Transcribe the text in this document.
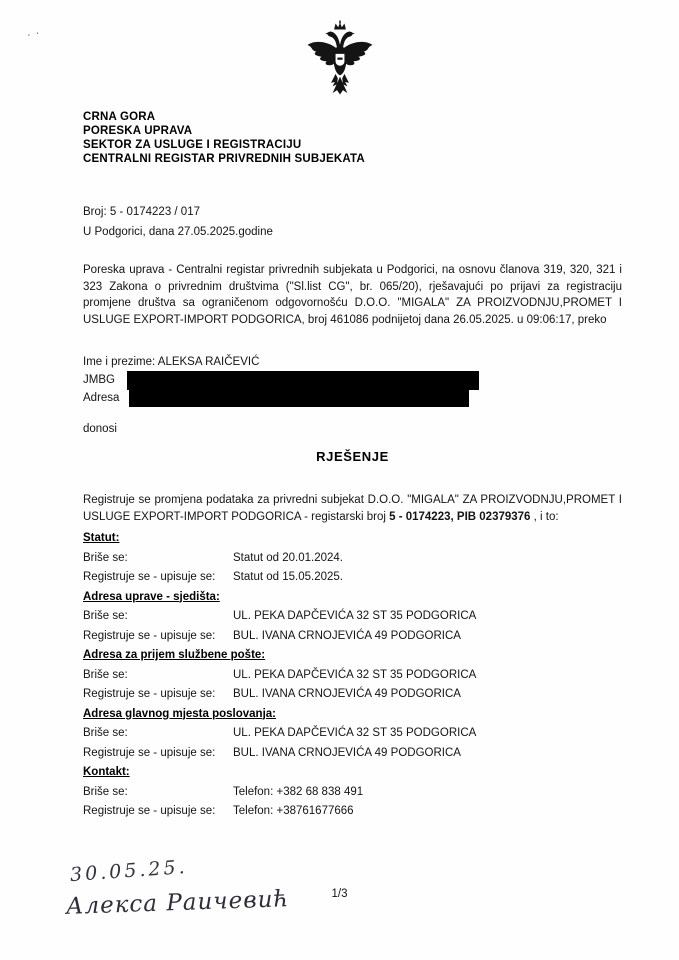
· ·
CRNA GORA
PORESKA UPRAVA
SEKTOR ZA USLUGE I REGISTRACIJU
CENTRALNI REGISTAR PRIVREDNIH SUBJEKATA
Broj: 5 - 0174223 / 017
U Podgorici, dana 27.05.2025.godine

Poreska uprava - Centralni registar privrednih subjekata u Podgorici, na osnovu članova 319, 320, 321 i 323 Zakona o privrednim društvima ("Sl.list CG", br. 065/20), rješavajući po prijavi za registraciju promjene društva sa ograničenom odgovornošću D.O.O. "MIGALA" ZA PROIZVODNJU,PROMET I USLUGE EXPORT-IMPORT PODGORICA, broj 461086 podnijetoj dana 26.05.2025. u 09:06:17, preko

Ime i prezime: ALEKSA RAIČEVIĆ
JMBG
Adresa
donosi
RJEŠENJE

Registruje se promjena podataka za privredni subjekat D.O.O. "MIGALA" ZA PROIZVODNJU,PROMET I USLUGE EXPORT-IMPORT PODGORICA - registarski broj 5 - 0174223, PIB 02379376 , i to:

Statut:
Briše se:	Statut od 20.01.2024.
Registruje se - upisuje se:	Statut od 15.05.2025.
Adresa uprave - sjedišta:
Briše se:	UL. PEKA DAPČEVIĆA 32 ST 35 PODGORICA
Registruje se - upisuje se:	BUL. IVANA CRNOJEVIĆA 49 PODGORICA
Adresa za prijem službene pošte:
Briše se:	UL. PEKA DAPČEVIĆA 32 ST 35 PODGORICA
Registruje se - upisuje se:	BUL. IVANA CRNOJEVIĆA 49 PODGORICA
Adresa glavnog mjesta poslovanja:
Briše se:	UL. PEKA DAPČEVIĆA 32 ST 35 PODGORICA
Registruje se - upisuje se:	BUL. IVANA CRNOJEVIĆA 49 PODGORICA
Kontakt:
Briše se:	Telefon: +382 68 838 491
Registruje se - upisuje se:	Telefon: +38761677666
30.05.25.
Алекса Раичевић	1/3
